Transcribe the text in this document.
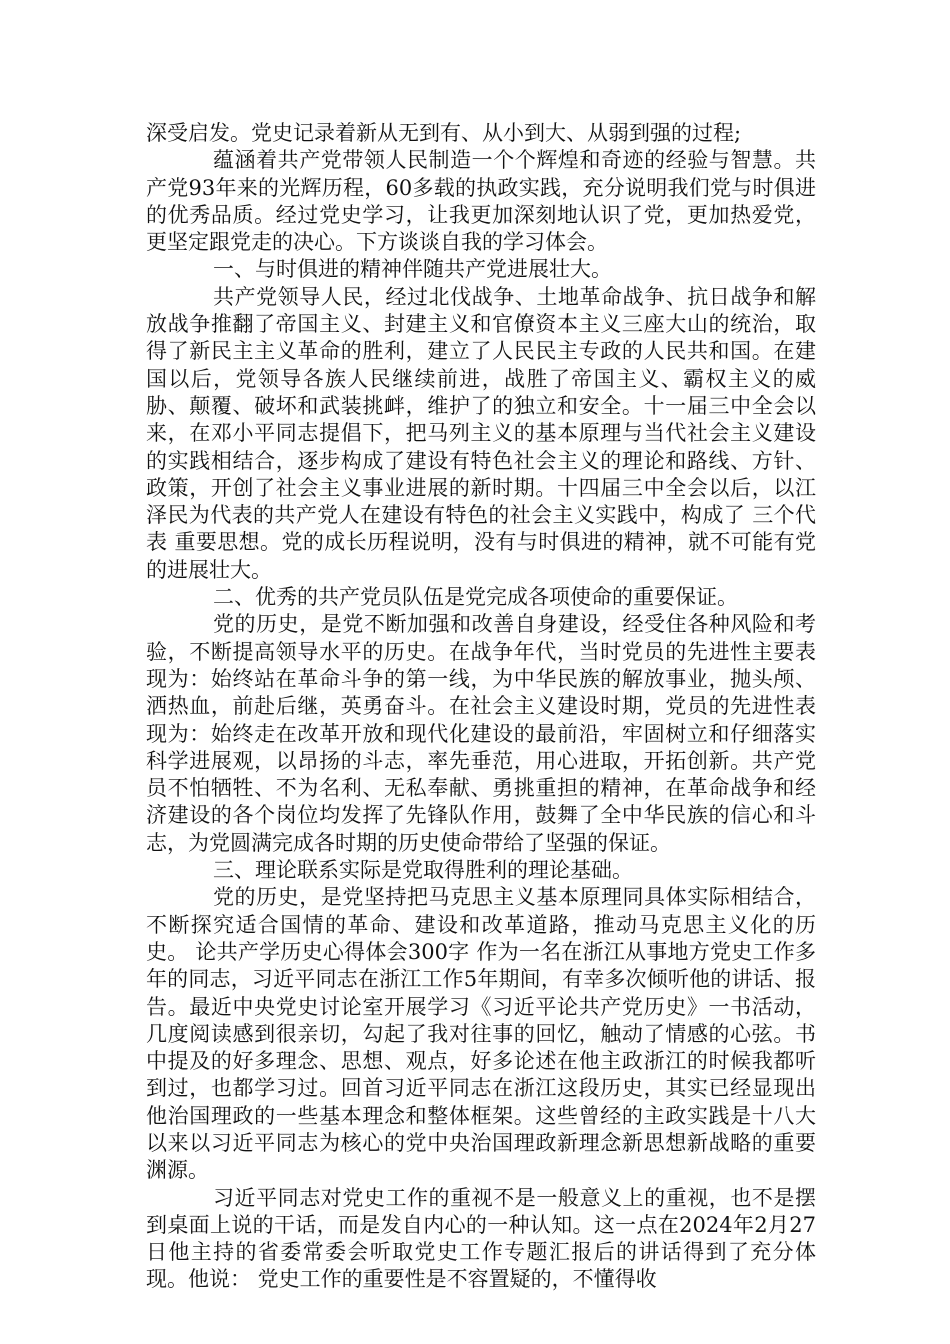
深受启发。党史记录着新从无到有、从小到大、从弱到强的过程;

蕴涵着共产党带领人民制造一个个辉煌和奇迹的经验与智慧。共产党93年来的光辉历程，60多载的执政实践，充分说明我们党与时俱进的优秀品质。经过党史学习，让我更加深刻地认识了党，更加热爱党，更坚定跟党走的决心。下方谈谈自我的学习体会。

一、与时俱进的精神伴随共产党进展壮大。

共产党领导人民，经过北伐战争、土地革命战争、抗日战争和解放战争推翻了帝国主义、封建主义和官僚资本主义三座大山的统治，取得了新民主主义革命的胜利，建立了人民民主专政的人民共和国。在建国以后，党领导各族人民继续前进，战胜了帝国主义、霸权主义的威胁、颠覆、破坏和武装挑衅，维护了的独立和安全。十一届三中全会以来，在邓小平同志提倡下，把马列主义的基本原理与当代社会主义建设的实践相结合，逐步构成了建设有特色社会主义的理论和路线、方针、政策，开创了社会主义事业进展的新时期。十四届三中全会以后，以江泽民为代表的共产党人在建设有特色的社会主义实践中，构成了 三个代表 重要思想。党的成长历程说明，没有与时俱进的精神，就不可能有党的进展壮大。

二、优秀的共产党员队伍是党完成各项使命的重要保证。

党的历史，是党不断加强和改善自身建设，经受住各种风险和考验，不断提高领导水平的历史。在战争年代，当时党员的先进性主要表现为：始终站在革命斗争的第一线，为中华民族的解放事业，抛头颅、洒热血，前赴后继，英勇奋斗。在社会主义建设时期，党员的先进性表现为：始终走在改革开放和现代化建设的最前沿，牢固树立和仔细落实科学进展观，以昂扬的斗志，率先垂范，用心进取，开拓创新。共产党员不怕牺牲、不为名利、无私奉献、勇挑重担的精神，在革命战争和经济建设的各个岗位均发挥了先锋队作用，鼓舞了全中华民族的信心和斗志，为党圆满完成各时期的历史使命带给了坚强的保证。

三、理论联系实际是党取得胜利的理论基础。

党的历史，是党坚持把马克思主义基本原理同具体实际相结合，不断探究适合国情的革命、建设和改革道路，推动马克思主义化的历史。 论共产学历史心得体会300字 作为一名在浙江从事地方党史工作多年的同志，习近平同志在浙江工作5年期间，有幸多次倾听他的讲话、报告。最近中央党史讨论室开展学习《习近平论共产党历史》一书活动，几度阅读感到很亲切，勾起了我对往事的回忆，触动了情感的心弦。书中提及的好多理念、思想、观点，好多论述在他主政浙江的时候我都听到过，也都学习过。回首习近平同志在浙江这段历史，其实已经显现出他治国理政的一些基本理念和整体框架。这些曾经的主政实践是十八大以来以习近平同志为核心的党中央治国理政新理念新思想新战略的重要渊源。

习近平同志对党史工作的重视不是一般意义上的重视，也不是摆到桌面上说的干话，而是发自内心的一种认知。这一点在2024年2月27日他主持的省委常委会听取党史工作专题汇报后的讲话得到了充分体现。他说： 党史工作的重要性是不容置疑的，不懂得收
